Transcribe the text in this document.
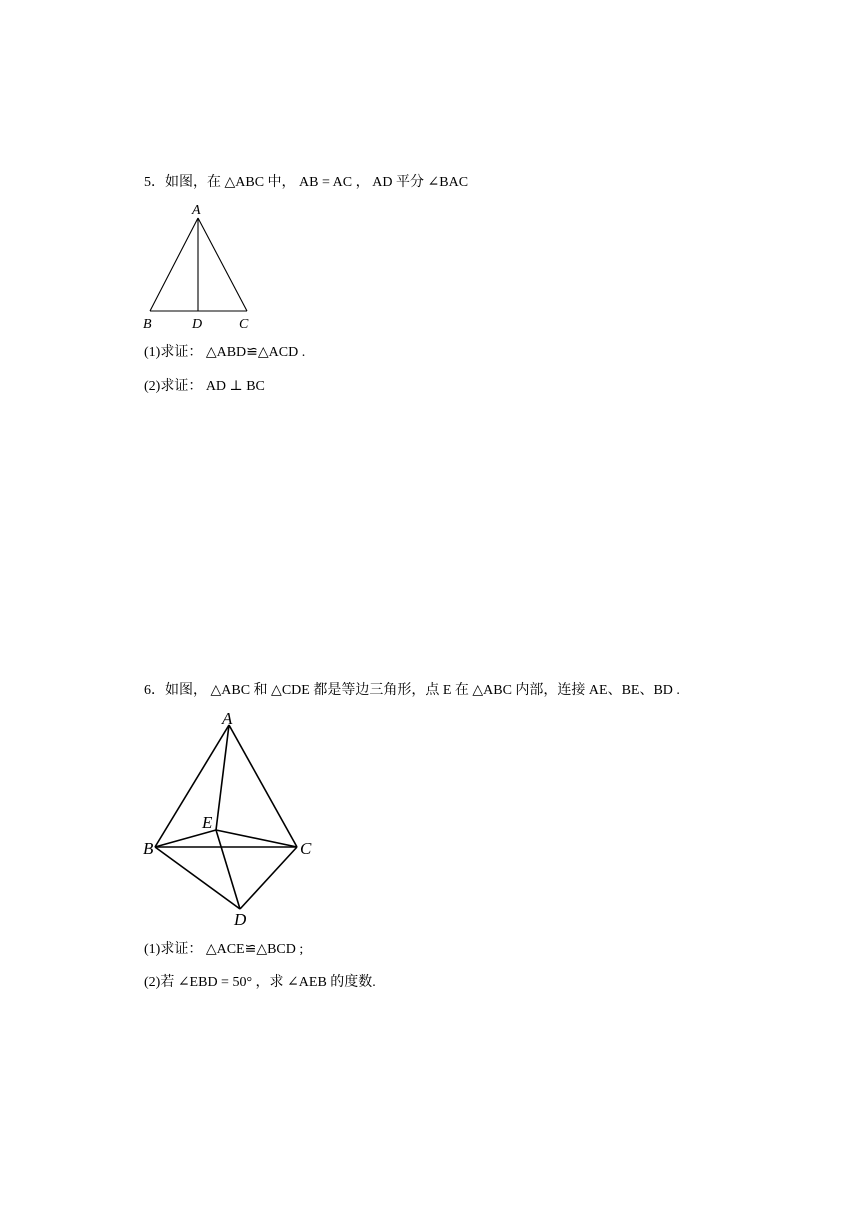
5．如图，在 △ABC 中， AB = AC ， AD 平分 ∠BAC
A
B	D	C
(1)求证： △ABD≌△ACD .
(2)求证： AD ⊥ BC
6．如图， △ABC 和 △CDE 都是等边三角形，点 E 在 △ABC 内部，连接 AE、BE、BD .
A
B	C
E
D
(1)求证： △ACE≌△BCD ;
(2)若 ∠EBD = 50° ，求 ∠AEB 的度数.
